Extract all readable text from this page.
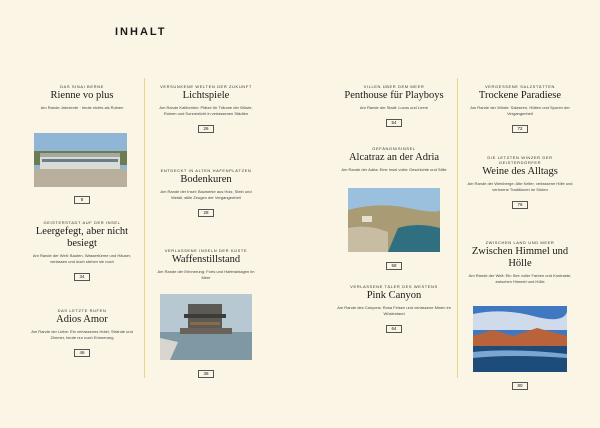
INHALT
DAS SINAI BERNE
Rienne vo plus
Am Rande Jahrzente · heute nichts als Ruinen
8
GEISTERSTADT AUF DER INSEL
Leergefegt, aber nicht besiegt
Am Rande der Welt: Bauten, Wassertürme und Häuser, verlassen und doch stehen sie noch
34
DAS LETZTE RUFEN
Adios Amor
Am Rande der Liebe: Ein verlassenes Hotel, Strände und Zimmer, heute nur noch Erinnerung
46
VERSUNKENE WELTEN DER ZUKUNFT
Lichtspiele
Am Rande Kalifornien: Plätze für Träume der Wüste, Ruinen und Sonnenlicht in verlassenen Städten
26
ENTDECKT IN ALTEN HAFENPLÄTZEN
Bodenkuren
Am Rande der Insel: Bauwerke aus Holz, Stein und Metall, stille Zeugen der Vergangenheit
28
VERLASSENE INSELN DER KÜSTE
Waffenstillstand
Am Rande der Erinnerung: Forts und Hafenanlagen im Meer
38
VILLEN ÜBER DEM MEER
Penthouse für Playboys
Am Rande der Stadt: Luxus und Leere
54
GEFÄNGNISINSEL
Alcatraz an der Adria
Am Rande der Adria: Eine Insel voller Geschichte und Stille
58
VERLASSENE TÄLER DES WESTENS
Pink Canyon
Am Rande des Canyons: Rosa Felsen und verlassene Minen im Wüstenland
64
VERGESSENE SALZSTÄTTEN
Trockene Paradiese
Am Rande der Wüste: Salzseen, Hütten und Spuren der Vergangenheit
72
DIE LETZTEN WINZER DER GEISTERDÖRFER
Weine des Alltags
Am Rande der Weinberge: Alte Keller, verlassene Höfe und verlorene Traditionen im Süden
76
ZWISCHEN LAND UND MEER
Zwischen Himmel und Hölle
Am Rande der Welt: Ein See voller Farben und Kontraste, zwischen Himmel und Hölle
80
